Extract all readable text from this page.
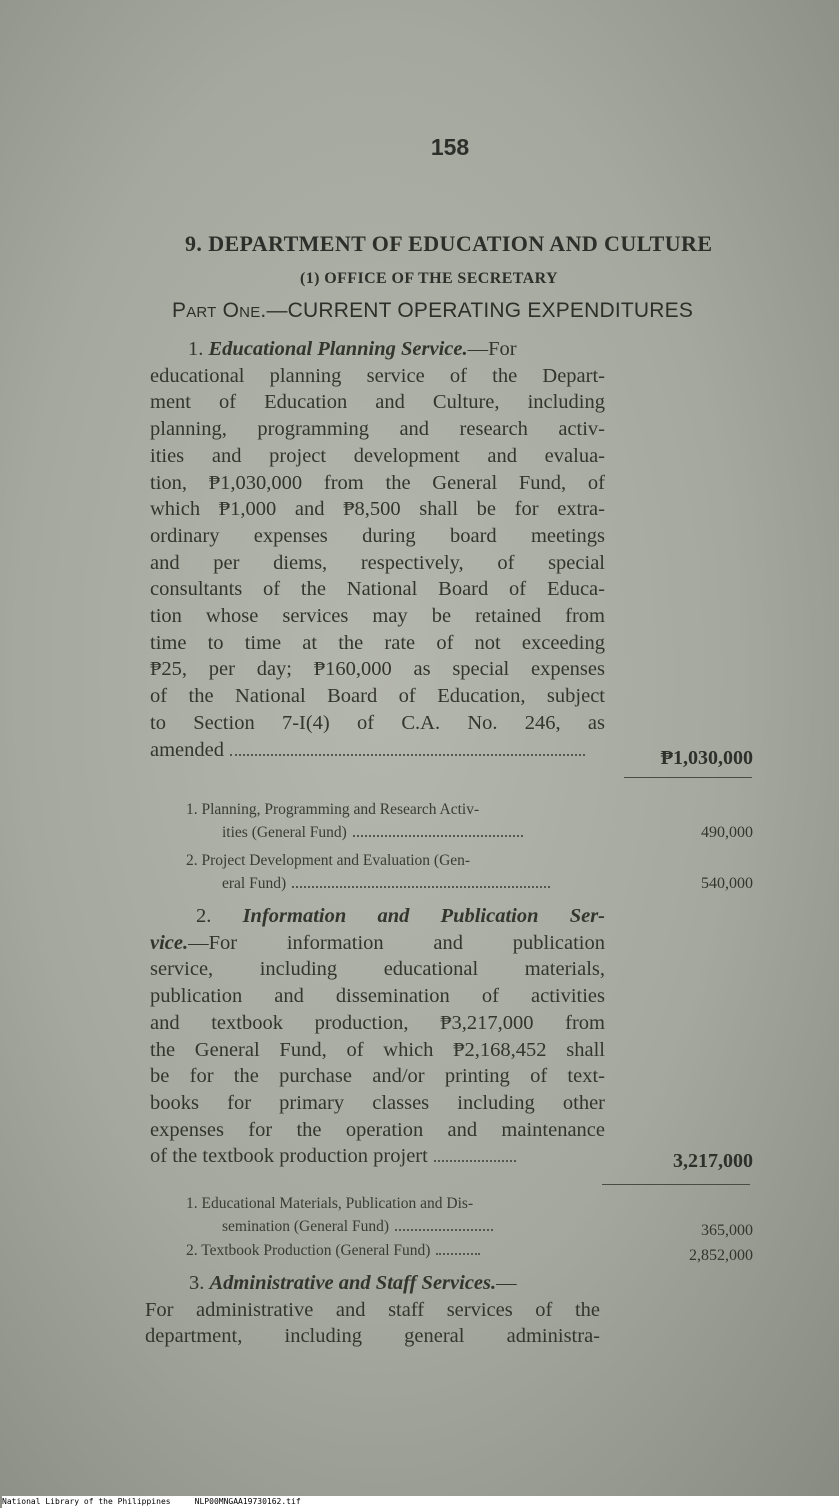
158
9. DEPARTMENT OF EDUCATION AND CULTURE
(1) OFFICE OF THE SECRETARY
PART ONE.—CURRENT OPERATING EXPENDITURES
1. Educational Planning Service.—For
educational planning service of the Depart-
ment of Education and Culture, including
planning, programming and research activ-
ities and project development and evalua-
tion, ₱1,030,000 from the General Fund, of
which ₱1,000 and ₱8,500 shall be for extra-
ordinary expenses during board meetings
and per diems, respectively, of special
consultants of the National Board of Educa-
tion whose services may be retained from
time to time at the rate of not exceeding
₱25, per day; ₱160,000 as special expenses
of the National Board of Education, subject
to Section 7-I(4) of C.A. No. 246, as
amended	₱1,030,000
1. Planning, Programming and Research Activ-
ities (General Fund)	490,000
2. Project Development and Evaluation (Gen-
eral Fund)	540,000
2. Information and Publication Ser-
vice.—For information and publication
service, including educational materials,
publication and dissemination of activities
and textbook production, ₱3,217,000 from
the General Fund, of which ₱2,168,452 shall
be for the purchase and/or printing of text-
books for primary classes including other
expenses for the operation and maintenance
of the textbook production projert	3,217,000
1. Educational Materials, Publication and Dis-
semination (General Fund)	365,000
2. Textbook Production (General Fund)	2,852,000
3. Administrative and Staff Services.—
For administrative and staff services of the
department, including general administra-
National Library of the Philippines	NLP00MNGAA19730162.tif
